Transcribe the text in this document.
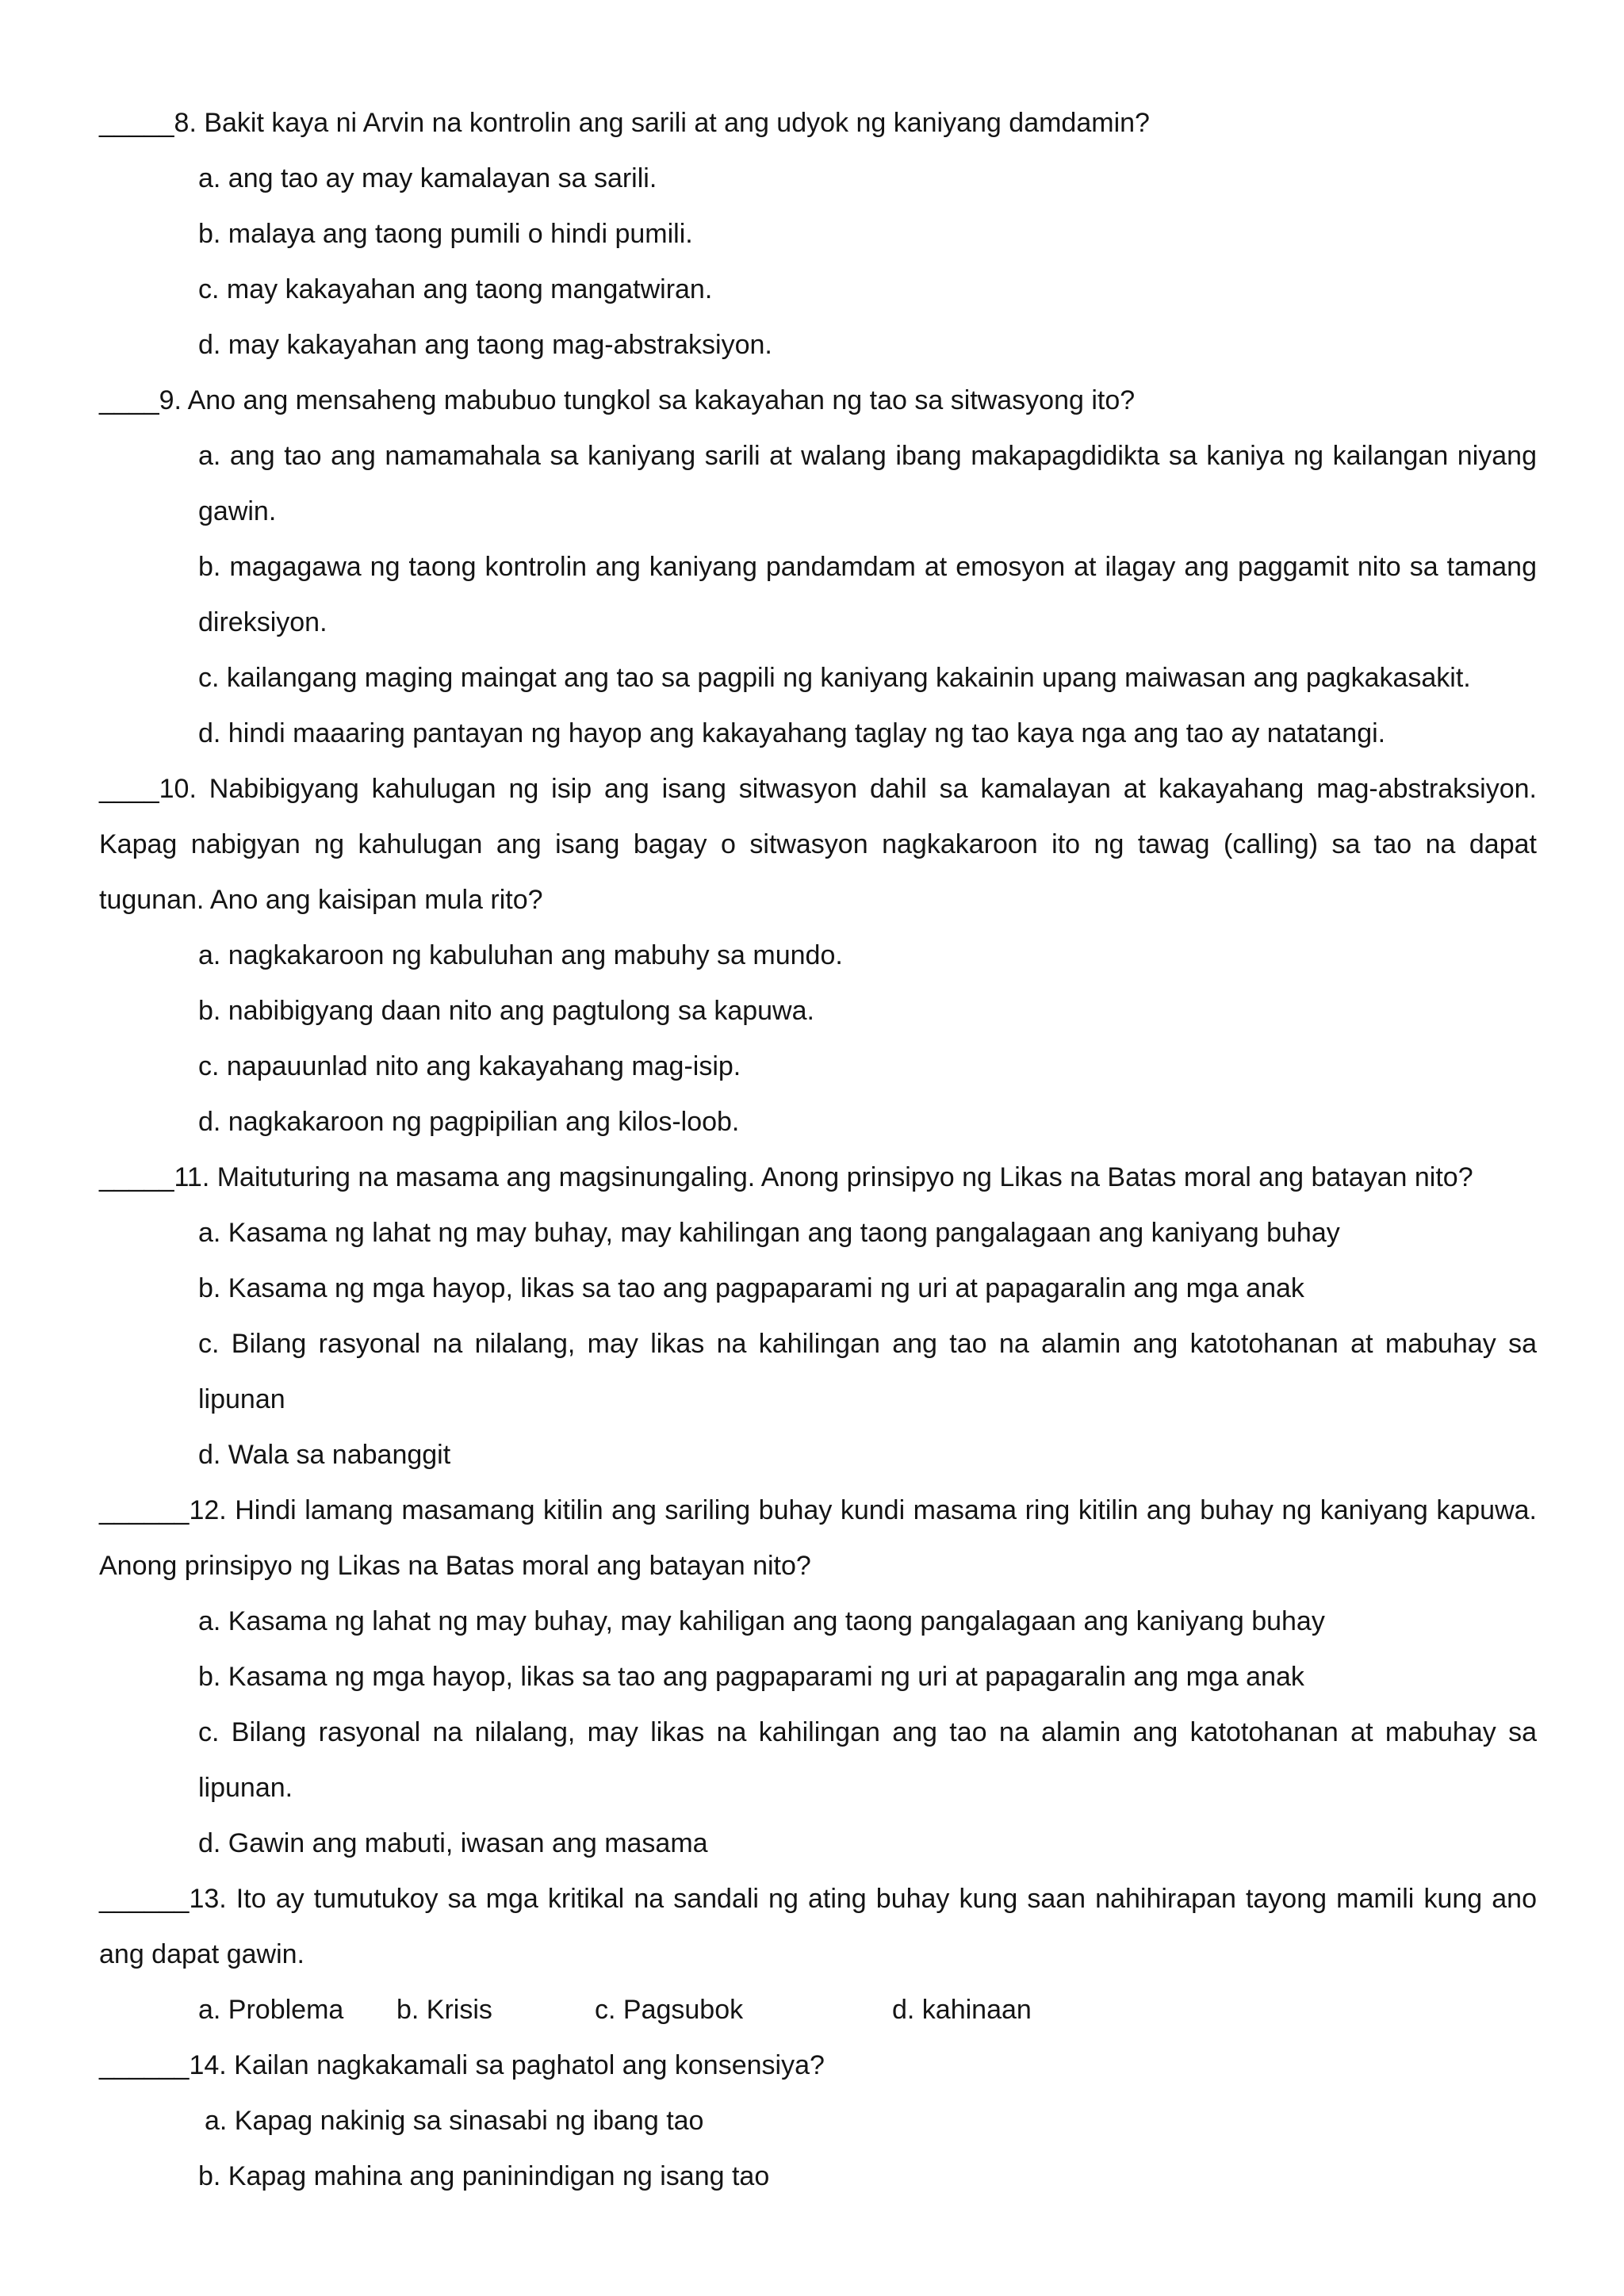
_____8. Bakit kaya ni Arvin na kontrolin ang sarili at ang udyok ng kaniyang damdamin?

a. ang tao ay may kamalayan sa sarili.

b. malaya ang taong pumili o hindi pumili.

c. may kakayahan ang taong mangatwiran.

d. may kakayahan ang taong mag-abstraksiyon.

____9. Ano ang mensaheng mabubuo tungkol sa kakayahan ng tao sa sitwasyong ito?

a. ang tao ang namamahala sa kaniyang sarili at walang ibang makapagdidikta sa kaniya ng kailangan niyang gawin.

b. magagawa ng taong kontrolin ang kaniyang pandamdam at emosyon at ilagay ang paggamit nito sa tamang direksiyon.

c. kailangang maging maingat ang tao sa pagpili ng kaniyang kakainin upang maiwasan ang pagkakasakit.

d. hindi maaaring pantayan ng hayop ang kakayahang taglay ng tao kaya nga ang tao ay natatangi.

____10. Nabibigyang kahulugan ng isip ang isang sitwasyon dahil sa kamalayan at kakayahang mag-abstraksiyon. Kapag nabigyan ng kahulugan ang isang bagay o sitwasyon nagkakaroon ito ng tawag (calling) sa tao na dapat tugunan. Ano ang kaisipan mula rito?

a. nagkakaroon ng kabuluhan ang mabuhy sa mundo.

b. nabibigyang daan nito ang pagtulong sa kapuwa.

c. napauunlad nito ang kakayahang mag-isip.

d. nagkakaroon ng pagpipilian ang kilos-loob.

_____11. Maituturing na masama ang magsinungaling. Anong prinsipyo ng Likas na Batas moral ang batayan nito?

a. Kasama ng lahat ng may buhay, may kahilingan ang taong pangalagaan ang kaniyang buhay

b. Kasama ng mga hayop, likas sa tao ang pagpaparami ng uri at papagaralin ang mga anak

c. Bilang rasyonal na nilalang, may likas na kahilingan ang tao na alamin ang katotohanan at mabuhay sa lipunan

d. Wala sa nabanggit

______12. Hindi lamang masamang kitilin ang sariling buhay kundi masama ring kitilin ang buhay ng kaniyang kapuwa. Anong prinsipyo ng Likas na Batas moral ang batayan nito?

a. Kasama ng lahat ng may buhay, may kahiligan ang taong pangalagaan ang kaniyang buhay

b. Kasama ng mga hayop, likas sa tao ang pagpaparami ng uri at papagaralin ang mga anak

c. Bilang rasyonal na nilalang, may likas na kahilingan ang tao na alamin ang katotohanan at mabuhay sa lipunan.

d. Gawin ang mabuti, iwasan ang masama

______13. Ito ay tumutukoy sa mga kritikal na sandali ng ating buhay kung saan nahihirapan tayong mamili kung ano ang dapat gawin.

a. Problema b. Krisis	c. Pagsubok	d. kahinaan

______14. Kailan nagkakamali sa paghatol ang konsensiya?

a. Kapag nakinig sa sinasabi ng ibang tao

b. Kapag mahina ang paninindigan ng isang tao
